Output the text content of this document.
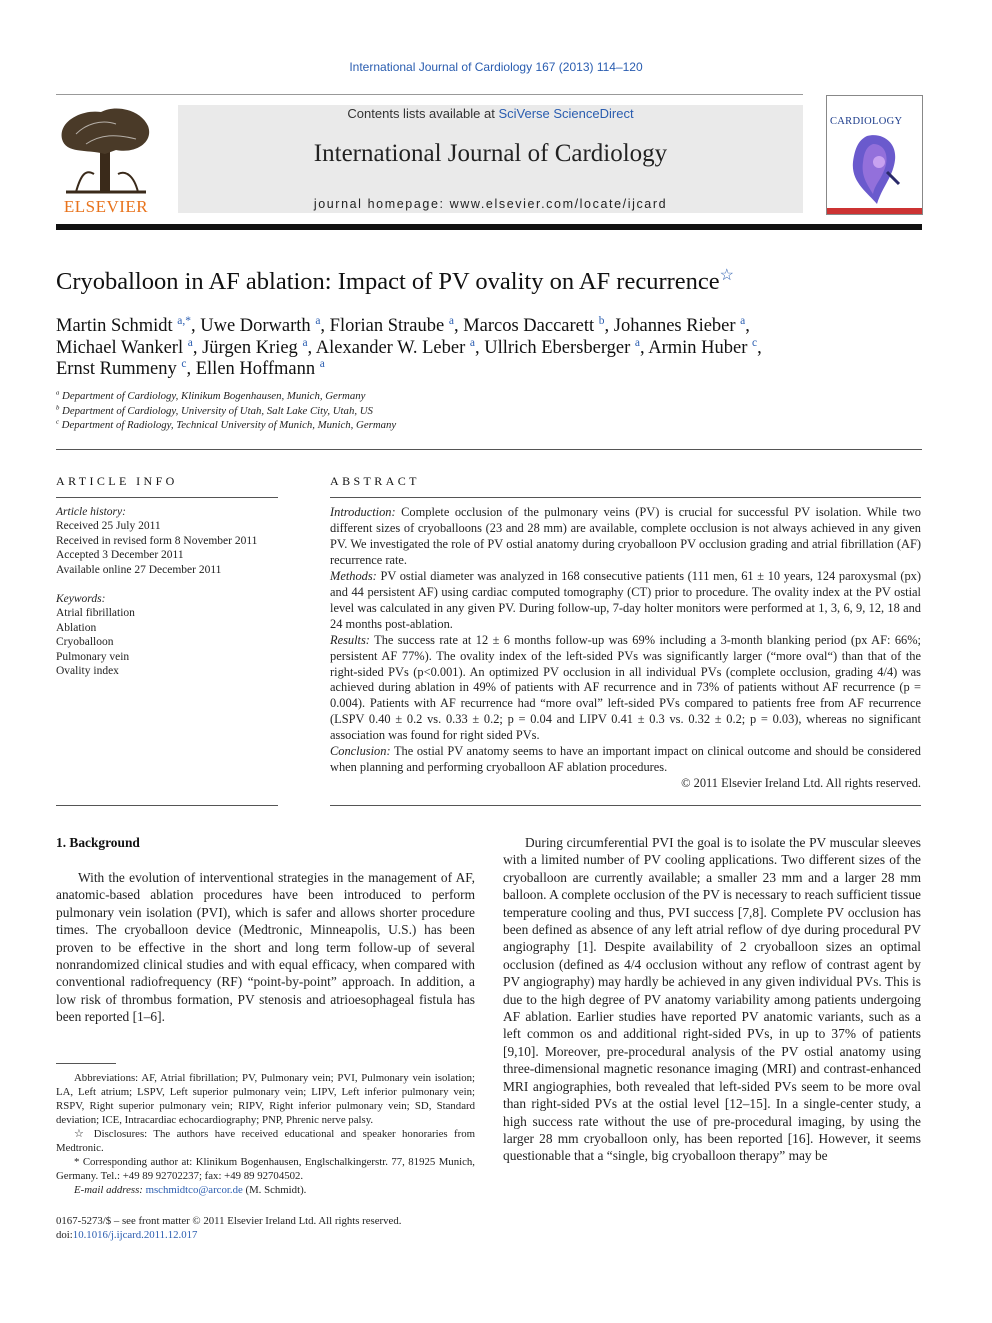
International Journal of Cardiology 167 (2013) 114–120
ELSEVIER
Contents lists available at SciVerse ScienceDirect
International Journal of Cardiology
journal homepage: www.elsevier.com/locate/ijcard
CARDIOLOGY
Cryoballoon in AF ablation: Impact of PV ovality on AF recurrence☆
Martin Schmidt $^{a,*}$, Uwe Dorwarth $^a$, Florian Straube $^a$, Marcos Daccarett $^b$, Johannes Rieber $^a$,
Michael Wankerl $^a$, Jürgen Krieg $^a$, Alexander W. Leber $^a$, Ullrich Ebersberger $^a$, Armin Huber $^c$,
Ernst Rummeny $^c$, Ellen Hoffmann $^a$
$^a$ Department of Cardiology, Klinikum Bogenhausen, Munich, Germany
$^b$ Department of Cardiology, University of Utah, Salt Lake City, Utah, US
$^c$ Department of Radiology, Technical University of Munich, Munich, Germany
ARTICLE INFO
Article history:
Received 25 July 2011
Received in revised form 8 November 2011
Accepted 3 December 2011
Available online 27 December 2011
Keywords:
Atrial fibrillation
Ablation
Cryoballoon
Pulmonary vein
Ovality index
ABSTRACT

Introduction: Complete occlusion of the pulmonary veins (PV) is crucial for successful PV isolation. While two different sizes of cryoballoons (23 and 28 mm) are available, complete occlusion is not always achieved in any given PV. We investigated the role of PV ostial anatomy during cryoballoon PV occlusion grading and atrial fibrillation (AF) recurrence rate.

Methods: PV ostial diameter was analyzed in 168 consecutive patients (111 men, 61 ± 10 years, 124 paroxysmal (px) and 44 persistent AF) using cardiac computed tomography (CT) prior to procedure. The ovality index at the PV ostial level was calculated in any given PV. During follow-up, 7-day holter monitors were performed at 1, 3, 6, 9, 12, 18 and 24 months post-ablation.

Results: The success rate at 12 ± 6 months follow-up was 69% including a 3-month blanking period (px AF: 66%; persistent AF 77%). The ovality index of the left-sided PVs was significantly larger (“more oval“) than that of the right-sided PVs (p<0.001). An optimized PV occlusion in all individual PVs (complete occlusion, grading 4/4) was achieved during ablation in 49% of patients with AF recurrence and in 73% of patients without AF recurrence (p = 0.004). Patients with AF recurrence had “more oval” left-sided PVs compared to patients free from AF recurrence (LSPV 0.40 ± 0.2 vs. 0.33 ± 0.2; p = 0.04 and LIPV 0.41 ± 0.3 vs. 0.32 ± 0.2; p = 0.03), whereas no significant association was found for right sided PVs.

Conclusion: The ostial PV anatomy seems to have an important impact on clinical outcome and should be considered when planning and performing cryoballoon AF ablation procedures.

© 2011 Elsevier Ireland Ltd. All rights reserved.

1. Background

With the evolution of interventional strategies in the management of AF, anatomic-based ablation procedures have been introduced to perform pulmonary vein isolation (PVI), which is safer and allows shorter procedure times. The cryoballoon device (Medtronic, Minneapolis, U.S.) has been proven to be effective in the short and long term follow-up of several nonrandomized clinical studies and with equal efficacy, when compared with conventional radiofrequency (RF) “point-by-point” approach. In addition, a low risk of thrombus formation, PV stenosis and atrioesophageal fistula has been reported [1–6].

Abbreviations: AF, Atrial fibrillation; PV, Pulmonary vein; PVI, Pulmonary vein isolation; LA, Left atrium; LSPV, Left superior pulmonary vein; LIPV, Left inferior pulmonary vein; RSPV, Right superior pulmonary vein; RIPV, Right inferior pulmonary vein; SD, Standard deviation; ICE, Intracardiac echocardiography; PNP, Phrenic nerve palsy.

☆ Disclosures: The authors have received educational and speaker honoraries from Medtronic.

* Corresponding author at: Klinikum Bogenhausen, Englschalkingerstr. 77, 81925 Munich, Germany. Tel.: +49 89 92702237; fax: +49 89 92704502.

E-mail address: mschmidtco@arcor.de (M. Schmidt).

0167-5273/$ – see front matter © 2011 Elsevier Ireland Ltd. All rights reserved.
doi:10.1016/j.ijcard.2011.12.017

During circumferential PVI the goal is to isolate the PV muscular sleeves with a limited number of PV cooling applications. Two different sizes of the cryoballoon are currently available; a smaller 23 mm and a larger 28 mm balloon. A complete occlusion of the PV is necessary to reach sufficient tissue temperature cooling and thus, PVI success [7,8]. Complete PV occlusion has been defined as absence of any left atrial reflow of dye during procedural PV angiography [1]. Despite availability of 2 cryoballoon sizes an optimal occlusion (defined as 4/4 occlusion without any reflow of contrast agent by PV angiography) may hardly be achieved in any given individual PVs. This is due to the high degree of PV anatomy variability among patients undergoing AF ablation. Earlier studies have reported PV anatomic variants, such as a left common os and additional right-sided PVs, in up to 37% of patients [9,10]. Moreover, pre-procedural analysis of the PV ostial anatomy using three-dimensional magnetic resonance imaging (MRI) and contrast-enhanced MRI angiographies, both revealed that left-sided PVs seem to be more oval than right-sided PVs at the ostial level [12–15]. In a single-center study, a high success rate without the use of pre-procedural imaging, by using the larger 28 mm cryoballoon only, has been reported [16]. However, it seems questionable that a “single, big cryoballoon therapy” may be
